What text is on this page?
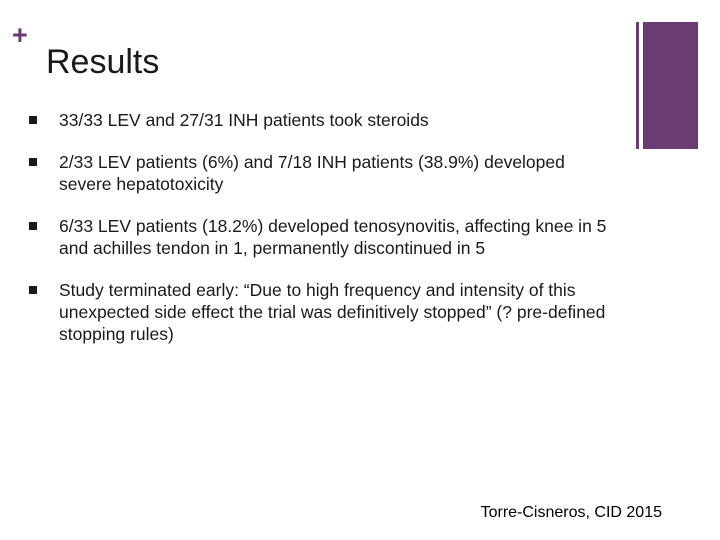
+
Results
33/33 LEV and 27/31 INH patients took steroids
2/33 LEV patients (6%) and 7/18 INH patients (38.9%) developed severe hepatotoxicity
6/33 LEV patients (18.2%) developed tenosynovitis, affecting knee in 5 and achilles tendon in 1, permanently discontinued in 5
Study terminated early: “Due to high frequency and intensity of this unexpected side effect the trial was definitively stopped” (? pre-defined stopping rules)
Torre-Cisneros, CID 2015
